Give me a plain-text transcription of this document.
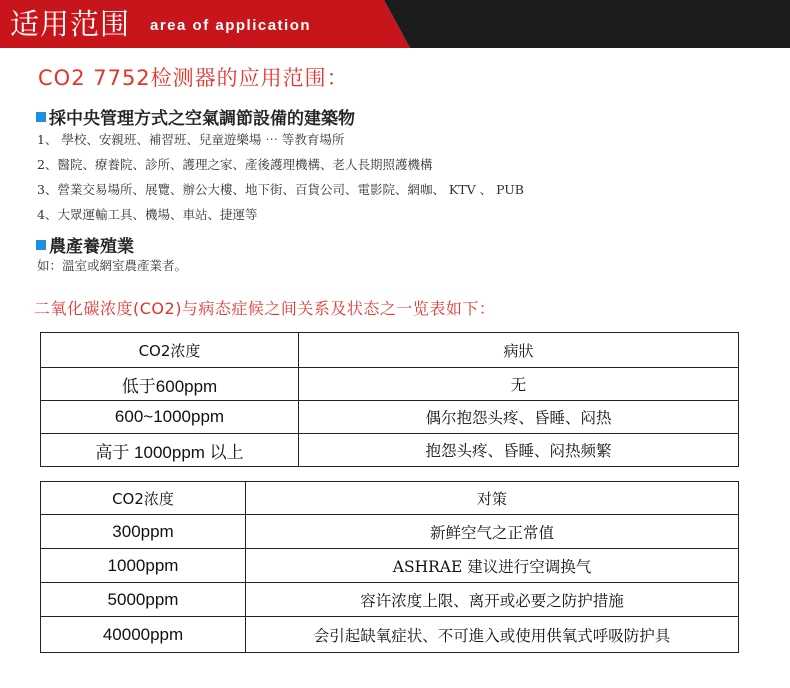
适用范围 area of application
CO2 7752检测器的应用范围：
採中央管理方式之空氣調節設備的建築物
1、 學校、安親班、補習班、兒童遊樂場 ⋯ 等教育場所
2、醫院、療養院、診所、護理之家、產後護理機構、老人長期照護機構
3、營業交易場所、展覽、辦公大樓、地下街、百貨公司、電影院、網咖、 KTV 、 PUB
4、大眾運輸工具、機場、車站、捷運等
農產養殖業
如：溫室或網室農產業者。
二氧化碳浓度(CO2)与病态症候之间关系及状态之一览表如下：
CO2浓度	病狀
低于600ppm	无
600~1000ppm	偶尔抱怨头疼、昏睡、闷热
高于 1000ppm 以上	抱怨头疼、昏睡、闷热频繁
CO2浓度	对策
300ppm	新鲜空气之正常值
1000ppm	ASHRAE 建议进行空调换气
5000ppm	容许浓度上限、离开或必要之防护措施
40000ppm	会引起缺氧症状、不可進入或使用供氧式呼吸防护具
